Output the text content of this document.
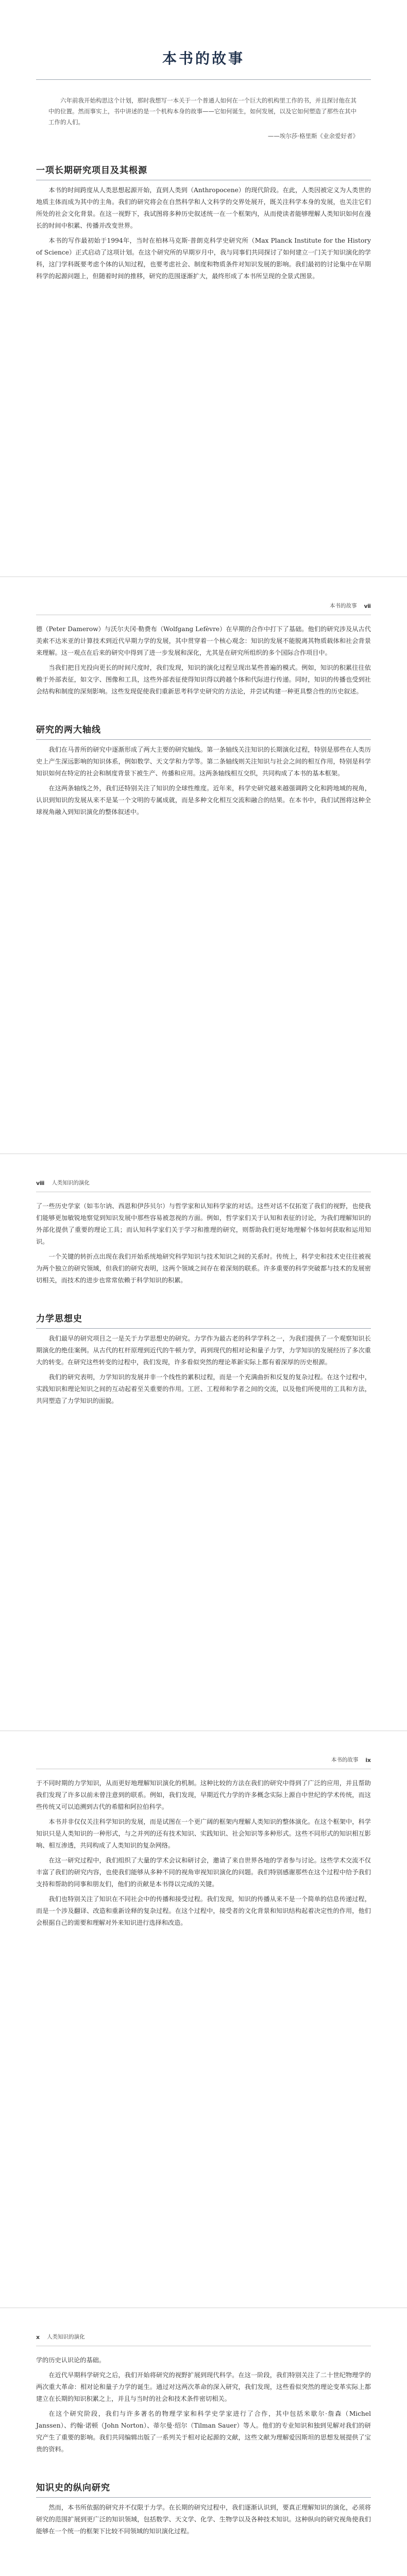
本书的故事

六年前我开始构思这个计划，那时我想写一本关于一个普通人如何在一个巨大的机构里工作的书，并且探讨他在其中的位置。然而事实上，书中讲述的是一个机构本身的故事——它如何诞生，如何发展，以及它如何塑造了那些在其中工作的人们。

——埃尔莎·格里斯《业余爱好者》

一项长期研究项目及其根源

本书的时间跨度从人类思想起源开始，直到人类到（Anthropocene）的现代阶段。在此，人类因被定义为人类世的地质主体而成为其中的主角。我们的研究将会在自然科学和人文科学的交界处展开，既关注科学本身的发展，也关注它们所处的社会文化背景。在这一视野下，我试图将多种历史叙述统一在一个框架内，从而使读者能够理解人类知识如何在漫长的时间中积累、传播并改变世界。

本书的写作最初始于1994年，当时在柏林马克斯·普朗克科学史研究所（Max Planck Institute for the History of Science）正式启动了这项计划。在这个研究所的早期岁月中，我与同事们共同探讨了如何建立一门关于知识演化的学科，这门学科既要考虑个体的认知过程，也要考虑社会、制度和物质条件对知识发展的影响。我们最初的讨论集中在早期科学的起源问题上，但随着时间的推移，研究的范围逐渐扩大，最终形成了本书所呈现的全景式图景。

本书的故事 ⅶ

德（Peter Damerow）与沃尔夫冈·勒费布（Wolfgang Lefèvre）在早期的合作中打下了基础。他们的研究涉及从古代美索不达米亚的计算技术到近代早期力学的发展，其中贯穿着一个核心观念：知识的发展不能脱离其物质载体和社会背景来理解。这一观点在后来的研究中得到了进一步发展和深化，尤其是在研究所组织的多个国际合作项目中。

当我们把目光投向更长的时间尺度时，我们发现，知识的演化过程呈现出某些普遍的模式。例如，知识的积累往往依赖于外部表征，如文字、图像和工具，这些外部表征使得知识得以跨越个体和代际进行传递。同时，知识的传播也受到社会结构和制度的深刻影响。这些发现促使我们重新思考科学史研究的方法论，并尝试构建一种更具整合性的历史叙述。

研究的两大轴线

我们在马普所的研究中逐渐形成了两大主要的研究轴线。第一条轴线关注知识的长期演化过程，特别是那些在人类历史上产生深远影响的知识体系，例如数学、天文学和力学等。第二条轴线则关注知识与社会之间的相互作用，特别是科学知识如何在特定的社会和制度背景下被生产、传播和应用。这两条轴线相互交织，共同构成了本书的基本框架。

在这两条轴线之外，我们还特别关注了知识的全球性维度。近年来，科学史研究越来越强调跨文化和跨地域的视角，认识到知识的发展从来不是某一个文明的专属成就，而是多种文化相互交流和融合的结果。在本书中，我们试图将这种全球视角融入到知识演化的整体叙述中。

ⅷ 人类知识的演化

了一些历史学家（如韦尔讷、西恩和伊莎贝尔）与哲学家和认知科学家的对话。这些对话不仅拓宽了我们的视野，也使我们能够更加敏锐地察觉到知识发展中那些容易被忽视的方面。例如，哲学家们关于认知和表征的讨论，为我们理解知识的外部化提供了重要的理论工具；而认知科学家们关于学习和推理的研究，则帮助我们更好地理解个体如何获取和运用知识。

一个关键的转折点出现在我们开始系统地研究科学知识与技术知识之间的关系时。传统上，科学史和技术史往往被视为两个独立的研究领域，但我们的研究表明，这两个领域之间存在着深刻的联系。许多重要的科学突破都与技术的发展密切相关，而技术的进步也常常依赖于科学知识的积累。

力学思想史

我们最早的研究项目之一是关于力学思想史的研究。力学作为最古老的科学学科之一，为我们提供了一个观察知识长期演化的绝佳案例。从古代的杠杆原理到近代的牛顿力学，再到现代的相对论和量子力学，力学知识的发展经历了多次重大的转变。在研究这些转变的过程中，我们发现，许多看似突然的理论革新实际上都有着深厚的历史根源。

我们的研究表明，力学知识的发展并非一个线性的累积过程，而是一个充满曲折和反复的复杂过程。在这个过程中，实践知识和理论知识之间的互动起着至关重要的作用。工匠、工程师和学者之间的交流，以及他们所使用的工具和方法，共同塑造了力学知识的面貌。

本书的故事 ⅸ

于不同时期的力学知识，从而更好地理解知识演化的机制。这种比较的方法在我们的研究中得到了广泛的应用，并且帮助我们发现了许多以前未曾注意到的联系。例如，我们发现，早期近代力学的许多概念实际上源自中世纪的学术传统，而这些传统又可以追溯到古代的希腊和阿拉伯科学。

本书并非仅仅关注科学知识的发展，而是试图在一个更广阔的框架内理解人类知识的整体演化。在这个框架中，科学知识只是人类知识的一种形式，与之并列的还有技术知识、实践知识、社会知识等多种形式。这些不同形式的知识相互影响、相互渗透，共同构成了人类知识的复杂网络。

在这一研究过程中，我们组织了大量的学术会议和研讨会，邀请了来自世界各地的学者参与讨论。这些学术交流不仅丰富了我们的研究内容，也使我们能够从多种不同的视角审视知识演化的问题。我们特别感谢那些在这个过程中给予我们支持和帮助的同事和朋友们，他们的贡献是本书得以完成的关键。

我们也特别关注了知识在不同社会中的传播和接受过程。我们发现，知识的传播从来不是一个简单的信息传递过程，而是一个涉及翻译、改造和重新诠释的复杂过程。在这个过程中，接受者的文化背景和知识结构起着决定性的作用，他们会根据自己的需要和理解对外来知识进行选择和改造。

ⅹ 人类知识的演化

学的历史认识论的基础。

在近代早期科学研究之后，我们开始将研究的视野扩展到现代科学。在这一阶段，我们特别关注了二十世纪物理学的两次重大革命：相对论和量子力学的诞生。通过对这两次革命的深入研究，我们发现，这些看似突然的理论变革实际上都建立在长期的知识积累之上，并且与当时的社会和技术条件密切相关。

在这个研究阶段，我们与许多著名的物理学家和科学史学家进行了合作，其中包括米歇尔·詹森（Michel Janssen）、约翰·诺顿（John Norton）、蒂尔曼·绍尔（Tilman Sauer）等人。他们的专业知识和独到见解对我们的研究产生了重要的影响。我们共同编辑出版了一系列关于相对论起源的文献，这些文献为理解爱因斯坦的思想发展提供了宝贵的资料。

知识史的纵向研究

然而，本书所依据的研究并不仅限于力学。在长期的研究过程中，我们逐渐认识到，要真正理解知识的演化，必须将研究的范围扩展到更广泛的知识领域，包括数学、天文学、化学、生物学以及各种技术知识。这种纵向的研究视角使我们能够在一个统一的框架下比较不同领域的知识演化过程。
